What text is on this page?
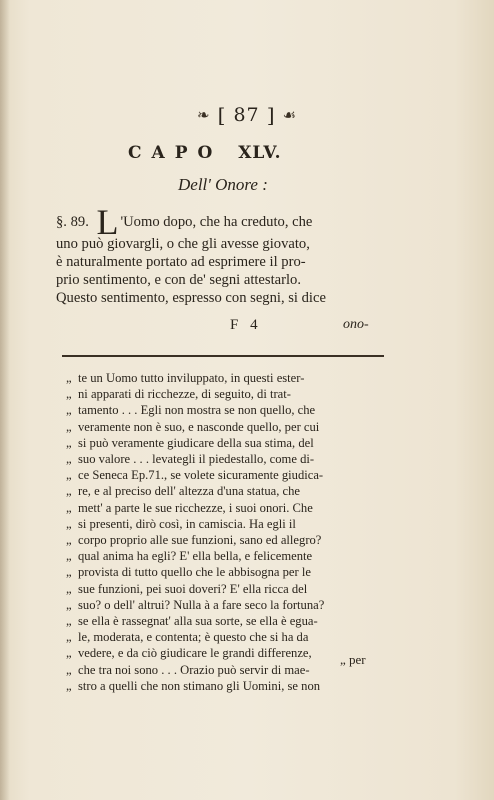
❧ [ 87 ] ☙
CAPO XLV.
Dell' Onore :
§. 89. L 'Uomo dopo, che ha creduto, che
uno può giovargli, o che gli avesse giovato,
è naturalmente portato ad esprimere il pro-
prio sentimento, e con de' segni attestarlo.
Questo sentimento, espresso con segni, si dice
F 4	ono-
„ te un Uomo tutto inviluppato, in questi ester-
„ ni apparati di ricchezze, di seguito, di trat-
„ tamento . . . Egli non mostra se non quello, che
„ veramente non è suo, e nasconde quello, per cui
„ si può veramente giudicare della sua stima, del
„ suo valore . . . levategli il piedestallo, come di-
„ ce Seneca Ep.71., se volete sicuramente giudica-
„ re, e al preciso dell' altezza d'una statua, che
„ mett' a parte le sue ricchezze, i suoi onori. Che
„ si presenti, dirò così, in camiscia. Ha egli il
„ corpo proprio alle sue funzioni, sano ed allegro?
„ qual anima ha egli? E' ella bella, e felicemente
„ provista di tutto quello che le abbisogna per le
„ sue funzioni, pei suoi doveri? E' ella ricca del
„ suo? o dell' altrui? Nulla à a fare seco la fortuna?
„ se ella è rassegnat' alla sua sorte, se ella è egua-
„ le, moderata, e contenta; è questo che si ha da
„ vedere, e da ciò giudicare le grandi differenze,
„ che tra noi sono . . . Orazio può servir di mae-
„ stro a quelli che non stimano gli Uomini, se non
„ per
